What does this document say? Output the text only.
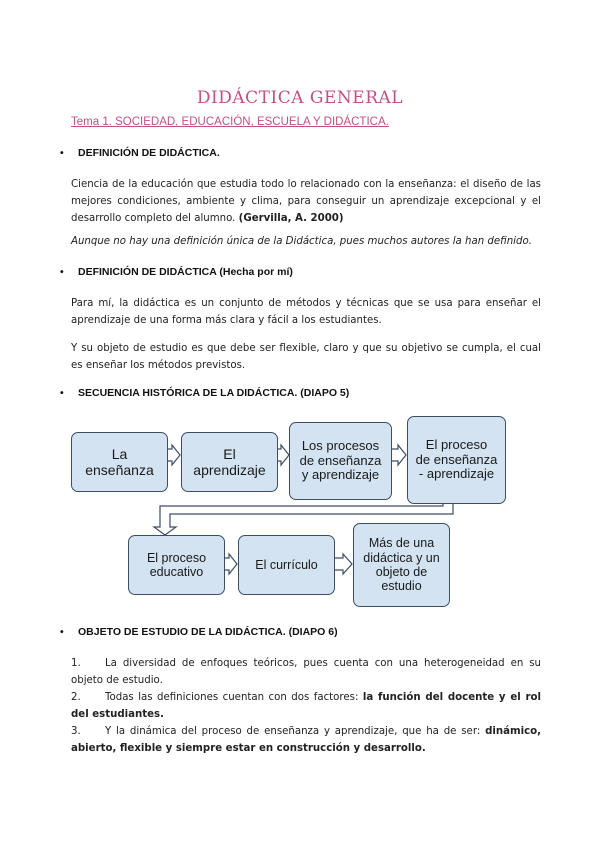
DIDÁCTICA GENERAL
Tema 1. SOCIEDAD, EDUCACIÓN, ESCUELA Y DIDÁCTICA.
• DEFINICIÓN DE DIDÁCTICA.
Ciencia de la educación que estudia todo lo relacionado con la enseñanza: el diseño de las mejores condiciones, ambiente y clima, para conseguir un aprendizaje excepcional y el desarrollo completo del alumno. (Gervilla, A. 2000)
Aunque no hay una definición única de la Didáctica, pues muchos autores la han definido.
• DEFINICIÓN DE DIDÁCTICA (Hecha por mí)
Para mí, la didáctica es un conjunto de métodos y técnicas que se usa para enseñar el aprendizaje de una forma más clara y fácil a los estudiantes.
Y su objeto de estudio es que debe ser flexible, claro y que su objetivo se cumpla, el cual es enseñar los métodos previstos.
• SECUENCIA HISTÓRICA DE LA DIDÁCTICA. (DIAPO 5)
La
enseñanza
El
aprendizaje
Los procesos
de enseñanza
y aprendizaje
El proceso
de enseñanza
- aprendizaje
El proceso
educativo
El currículo
Más de una
didáctica y un
objeto de
estudio
• OBJETO DE ESTUDIO DE LA DIDÁCTICA. (DIAPO 6)
1. La diversidad de enfoques teóricos, pues cuenta con una heterogeneidad en su objeto de estudio.
2. Todas las definiciones cuentan con dos factores: la función del docente y el rol del estudiantes.
3. Y la dinámica del proceso de enseñanza y aprendizaje, que ha de ser: dinámico, abierto, flexible y siempre estar en construcción y desarrollo.
